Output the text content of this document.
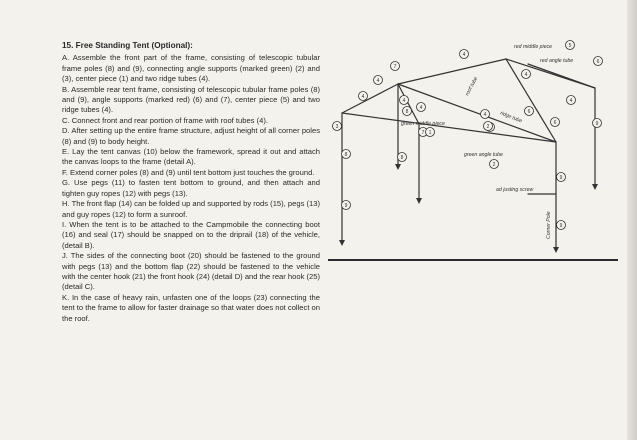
15. Free Standing Tent (Optional):

A. Assemble the front part of the frame, consisting of telescopic tubular frame poles (8) and (9), connecting angle supports (marked green) (2) and (3), center piece (1) and two ridge tubes (4).

B. Assemble rear tent frame, consisting of telescopic tubular frame poles (8) and (9), angle supports (marked red) (6) and (7), center piece (5) and two ridge tubes (4).

C. Connect front and rear portion of frame with roof tubes (4).

D. After setting up the entire frame structure, adjust height of all corner poles (8) and (9) to body height.

E. Lay the tent canvas (10) below the framework, spread it out and attach the canvas loops to the frame (detail A).

F. Extend corner poles (8) and (9) until tent bottom just touches the ground.

G. Use pegs (11) to fasten tent bottom to ground, and then attach and tighten guy ropes (12) with pegs (13).

H. The front flap (14) can be folded up and supported by rods (15), pegs (13) and guy ropes (12) to form a sunroof.

I. When the tent is to be attached to the Campmobile the connecting boot (16) and seal (17) should be snapped on to the driprail (18) of the vehicle, (detail B).

J. The sides of the connecting boot (20) should be fastened to the ground with pegs (13) and the bottom flap (22) should be fastened to the vehicle with the center hook (21) the front hook (24) (detail D) and the rear hook (25) (detail C).

K. In the case of heavy rain, unfasten one of the loops (23) connecting the tent to the frame to allow for faster drainage so that water does not collect on the roof.

5
6
4
4
7
4
4
4
6	9
4
4
8
3
7
4
2
1
6
2
8	8
9
9
9
red middle piece
red angle tube
roof tube
ridge tube
green middle piece
green angle tube
ad justing screw
Corner Pole
